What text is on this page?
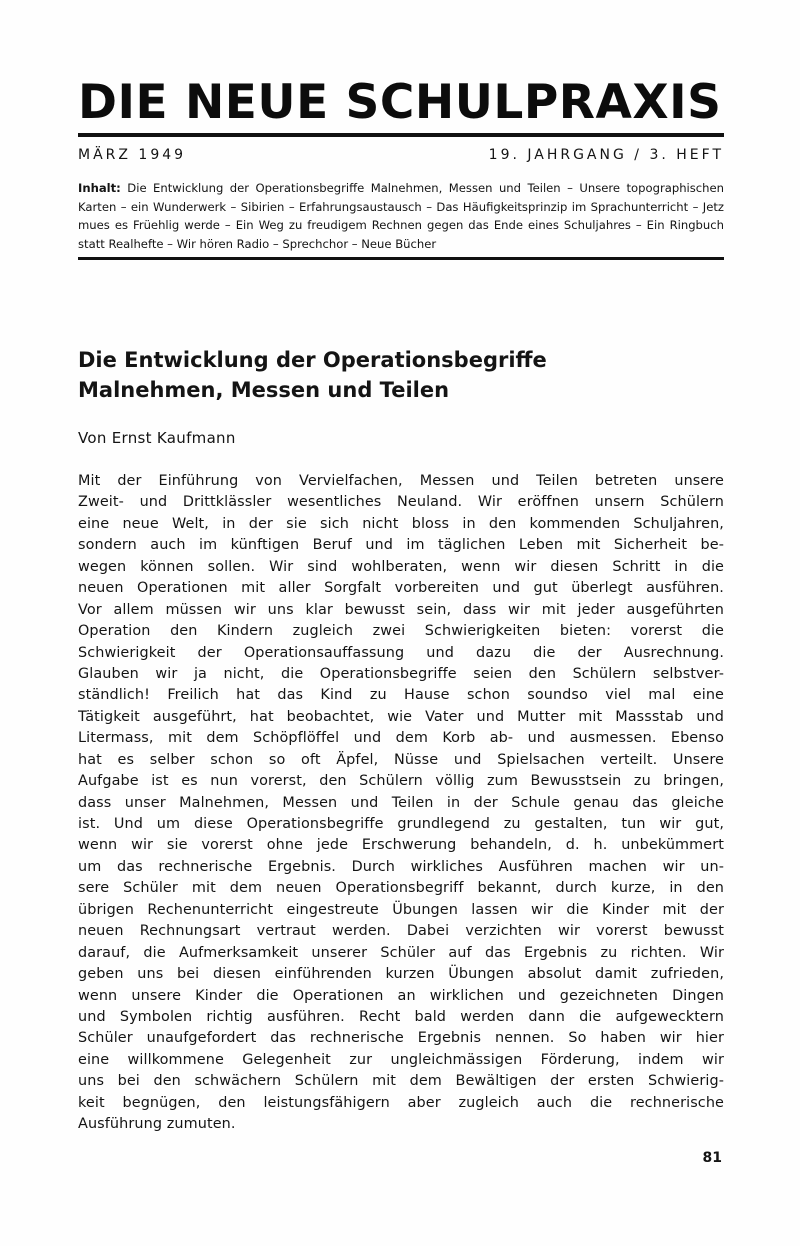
DIE NEUE SCHULPRAXIS
MÄRZ 1949	19. JAHRGANG / 3. HEFT
Inhalt: Die Entwicklung der Operationsbegriffe Malnehmen, Messen und Teilen – Unsere topographischen Karten – ein Wunderwerk – Sibirien – Erfahrungsaustausch – Das Häufigkeitsprinzip im Sprachunterricht – Jetz mues es Früehlig werde – Ein Weg zu freudigem Rechnen gegen das Ende eines Schuljahres – Ein Ringbuch statt Realhefte – Wir hören Radio – Sprechchor – Neue Bücher
Die Entwicklung der Operationsbegriffe
Malnehmen, Messen und Teilen
Von Ernst Kaufmann
Mit der Einführung von Vervielfachen, Messen und Teilen betreten unsere
Zweit- und Drittklässler wesentliches Neuland. Wir eröffnen unsern Schülern
eine neue Welt, in der sie sich nicht bloss in den kommenden Schuljahren,
sondern auch im künftigen Beruf und im täglichen Leben mit Sicherheit be-
wegen können sollen. Wir sind wohlberaten, wenn wir diesen Schritt in die
neuen Operationen mit aller Sorgfalt vorbereiten und gut überlegt ausführen.
Vor allem müssen wir uns klar bewusst sein, dass wir mit jeder ausgeführten
Operation den Kindern zugleich zwei Schwierigkeiten bieten: vorerst die
Schwierigkeit der Operationsauffassung und dazu die der Ausrechnung.
Glauben wir ja nicht, die Operationsbegriffe seien den Schülern selbstver-
ständlich! Freilich hat das Kind zu Hause schon soundso viel mal eine
Tätigkeit ausgeführt, hat beobachtet, wie Vater und Mutter mit Massstab und
Litermass, mit dem Schöpflöffel und dem Korb ab- und ausmessen. Ebenso
hat es selber schon so oft Äpfel, Nüsse und Spielsachen verteilt. Unsere
Aufgabe ist es nun vorerst, den Schülern völlig zum Bewusstsein zu bringen,
dass unser Malnehmen, Messen und Teilen in der Schule genau das gleiche
ist. Und um diese Operationsbegriffe grundlegend zu gestalten, tun wir gut,
wenn wir sie vorerst ohne jede Erschwerung behandeln, d. h. unbekümmert
um das rechnerische Ergebnis. Durch wirkliches Ausführen machen wir un-
sere Schüler mit dem neuen Operationsbegriff bekannt, durch kurze, in den
übrigen Rechenunterricht eingestreute Übungen lassen wir die Kinder mit der
neuen Rechnungsart vertraut werden. Dabei verzichten wir vorerst bewusst
darauf, die Aufmerksamkeit unserer Schüler auf das Ergebnis zu richten. Wir
geben uns bei diesen einführenden kurzen Übungen absolut damit zufrieden,
wenn unsere Kinder die Operationen an wirklichen und gezeichneten Dingen
und Symbolen richtig ausführen. Recht bald werden dann die aufgewecktern
Schüler unaufgefordert das rechnerische Ergebnis nennen. So haben wir hier
eine willkommene Gelegenheit zur ungleichmässigen Förderung, indem wir
uns bei den schwächern Schülern mit dem Bewältigen der ersten Schwierig-
keit begnügen, den leistungsfähigern aber zugleich auch die rechnerische
Ausführung zumuten.
81
